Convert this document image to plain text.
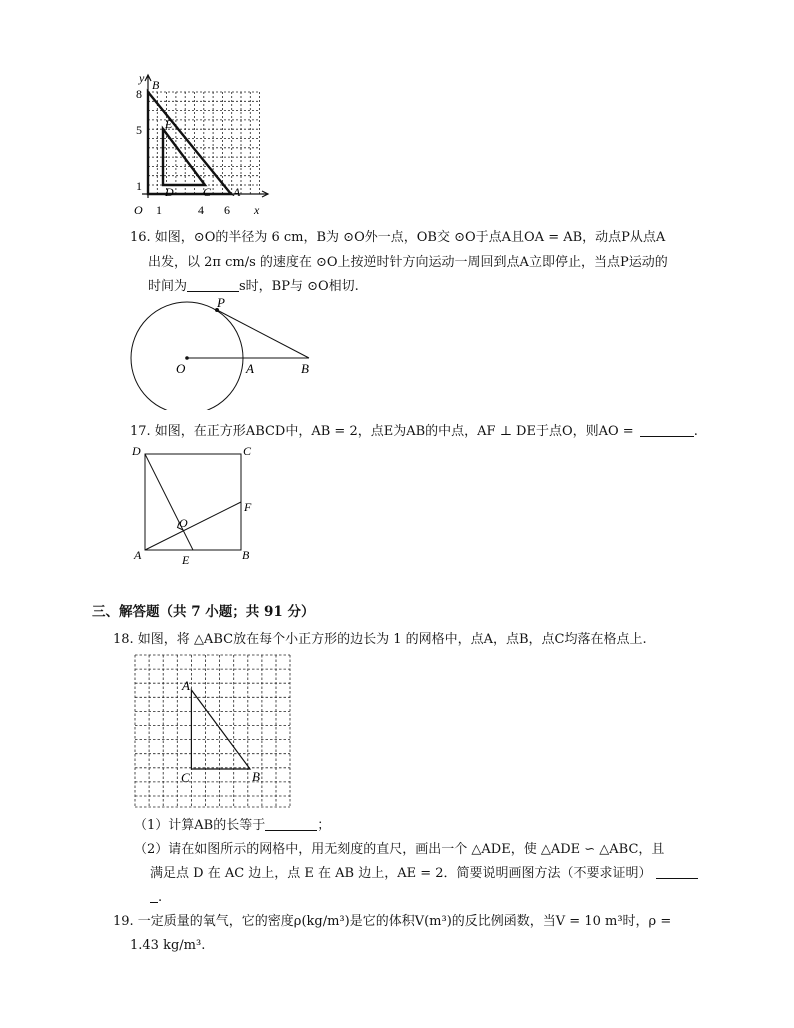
y B
E
D C A
x
O
8
5
1
1	4 6
16. 如图，⊙O的半径为 6 cm，B为 ⊙O外一点，OB交 ⊙O于点A且OA = AB，动点P从点A
出发，以 2π cm/s 的速度在 ⊙O上按逆时针方向运动一周回到点A立即停止，当点P运动的
时间为	s时，BP与 ⊙O相切.
P
O	A	B
17. 如图，在正方形ABCD中，AB = 2，点E为AB的中点，AF ⊥ DE于点O，则AO =	.
D	C
F
O
A	E	B
三、解答题（共 7 小题；共 91 分）
18. 如图，将 △ABC放在每个小正方形的边长为 1 的网格中，点A，点B，点C均落在格点上.
A
C	B
（1）计算AB的长等于	；
（2）请在如图所示的网格中，用无刻度的直尺，画出一个 △ADE，使 △ADE ∽ △ABC，且
满足点 D 在 AC 边上，点 E 在 AB 边上，AE = 2．简要说明画图方法（不要求证明）
.
19. 一定质量的氧气，它的密度ρ(kg/m³)是它的体积V(m³)的反比例函数，当V = 10 m³时，ρ =
1.43 kg/m³.
